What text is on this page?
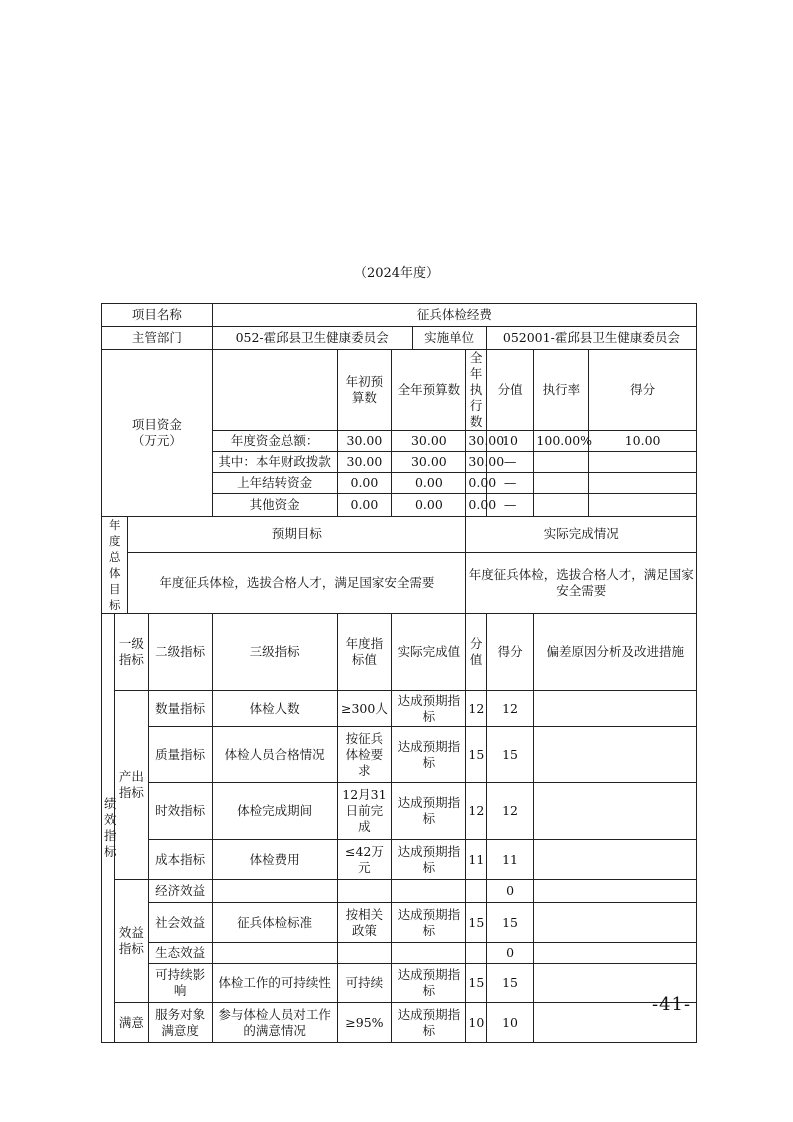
（2024年度）
项目名称				征兵体检经费							
主管部门				052-霍邱县卫生健康委员会			实施单位		052001-霍邱县卫生健康委员会		
项目资金
（万元）					年初预算数	全年预算数		全年执行数	分值	执行率	得分
				年度资金总额：	30.00	30.00		30.00	10	100.00%	10.00
				其中：本年财政拨款	30.00	30.00		30.00	—		
				上年结转资金	0.00	0.00		0.00	—		
				其他资金	0.00	0.00		0.00	—		
年度总体目标		预期目标						实际完成情况			
		年度征兵体检，选拔合格人才，满足国家安全需要						年度征兵体检，选拔合格人才，满足国家安全需要			
绩效指标	一级指标		二级指标	三级指标	年度指标值	实际完成值		分值	得分	偏差原因分析及改进措施	
	产出指标		数量指标	体检人数	≥300人	达成预期指标		12	12		
			质量指标	体检人员合格情况	按征兵体检要求	达成预期指标		15	15		
			时效指标	体检完成期间	12月31日前完成	达成预期指标		12	12		
			成本指标	体检费用	≤42万元	达成预期指标		11	11		
	效益指标		经济效益						0		
			社会效益	征兵体检标准	按相关政策	达成预期指标		15	15		
			生态效益						0		
			可持续影响	体检工作的可持续性	可持续	达成预期指标		15	15		
	满意		服务对象满意度	参与体检人员对工作的满意情况	≥95%	达成预期指标		10	10		
-41-
